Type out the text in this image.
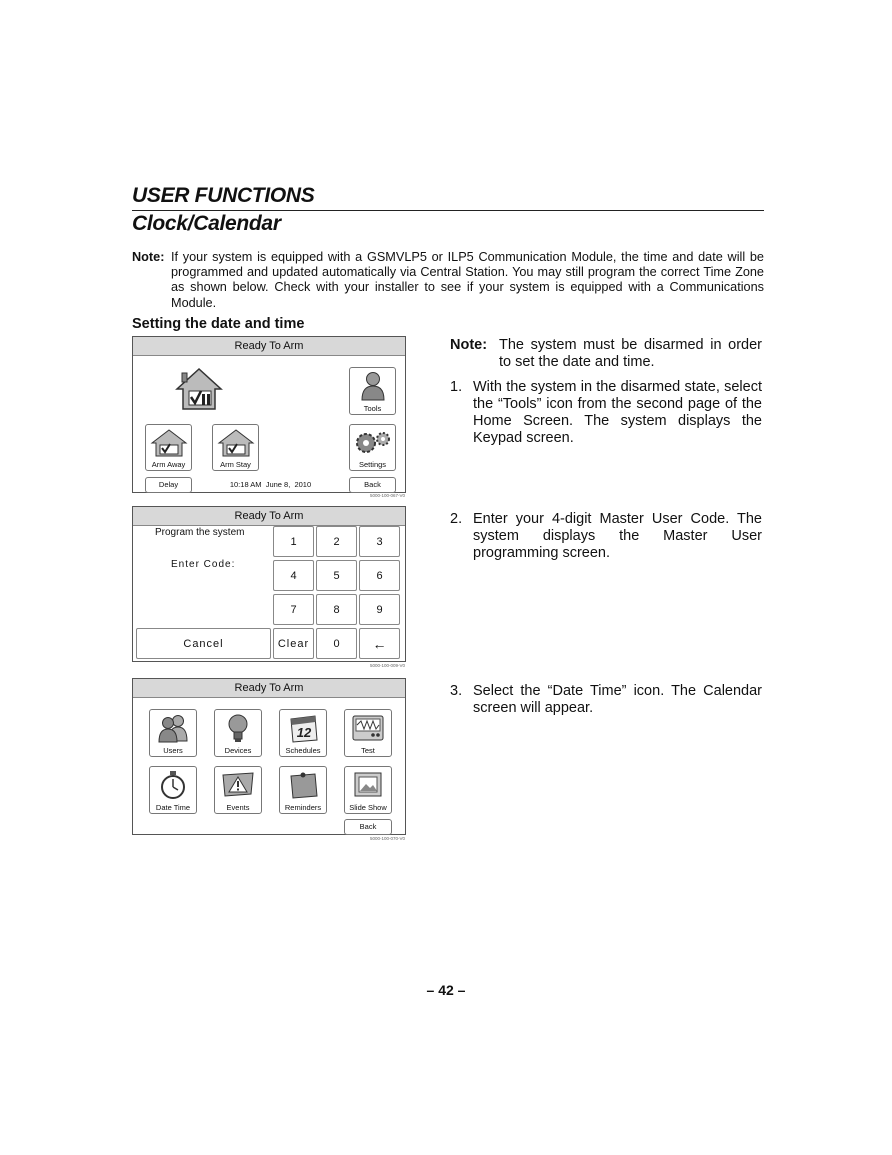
USER FUNCTIONS
Clock/Calendar
Note: If your system is equipped with a GSMVLP5 or ILP5 Communication Module, the time and date will be programmed and updated automatically via Central Station. You may still program the correct Time Zone as shown below. Check with your installer to see if your system is equipped with a Communications Module.
Setting the date and time
Ready To Arm
Tools
Arm Away	Arm Stay	Settings
Delay	10:18 AM  June 8,  2010	Back
5000-100-067-V0
Ready To Arm
Program the system
Enter Code:
1	2	3
4	5	6
7	8	9
Cancel	Clear	0	←
5000-100-009-V0
Ready To Arm
Users	Devices
12
Schedules	Test
Date Time	Events	Reminders	Slide Show
Back
5000-100-070-V0
Note: The system must be disarmed in order to set the date and time.
1. With the system in the disarmed state, select the “Tools” icon from the second page of the Home Screen. The system displays the Keypad screen.
2. Enter your 4-digit Master User Code. The system displays the Master User programming screen.
3. Select the “Date Time” icon. The Calendar screen will appear.
– 42 –
